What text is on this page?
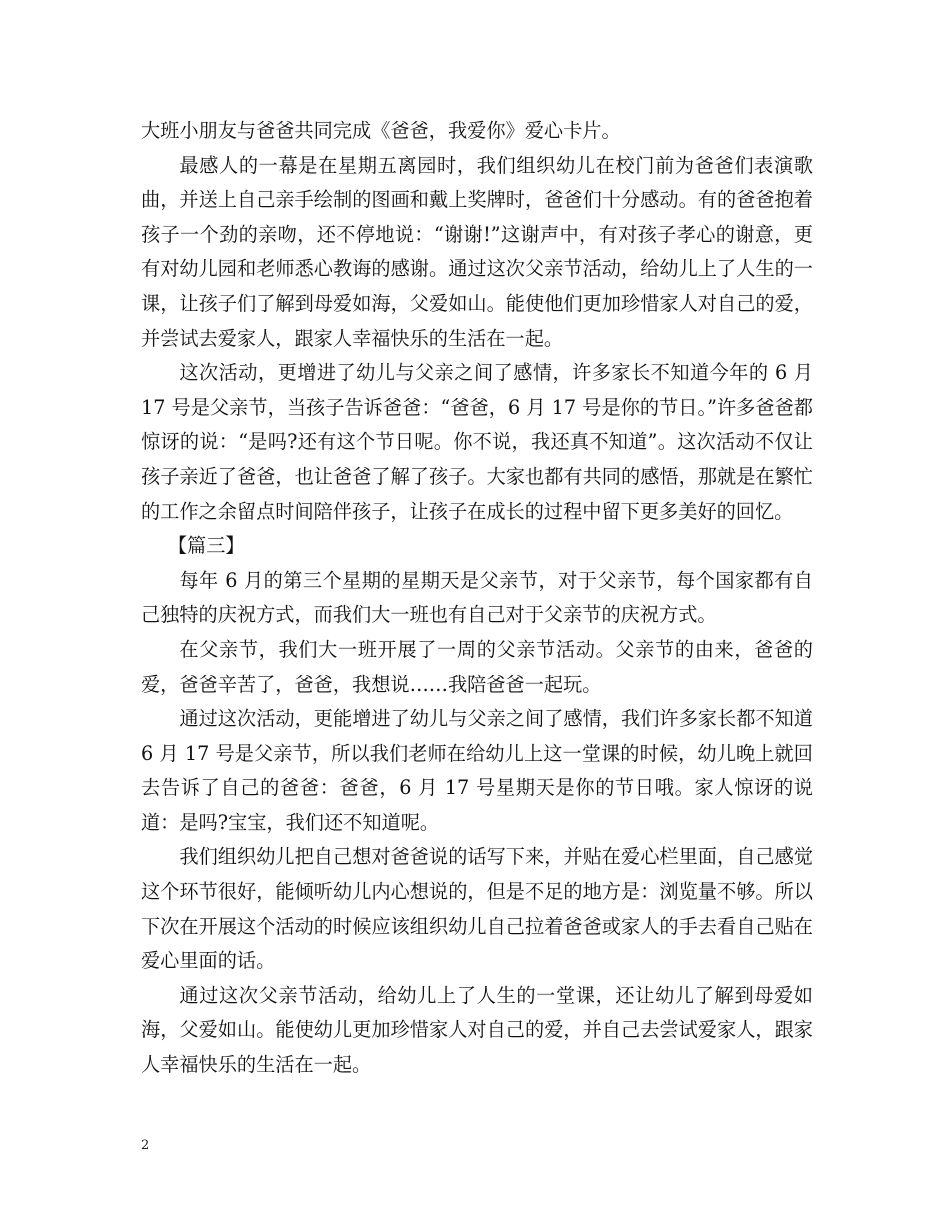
大班小朋友与爸爸共同完成《爸爸，我爱你》爱心卡片。

最感人的一幕是在星期五离园时，我们组织幼儿在校门前为爸爸们表演歌曲，并送上自己亲手绘制的图画和戴上奖牌时，爸爸们十分感动。有的爸爸抱着孩子一个劲的亲吻，还不停地说：“谢谢!”这谢声中，有对孩子孝心的谢意，更有对幼儿园和老师悉心教诲的感谢。通过这次父亲节活动，给幼儿上了人生的一课，让孩子们了解到母爱如海，父爱如山。能使他们更加珍惜家人对自己的爱，并尝试去爱家人，跟家人幸福快乐的生活在一起。

这次活动，更增进了幼儿与父亲之间了感情，许多家长不知道今年的 6 月 17 号是父亲节，当孩子告诉爸爸：“爸爸，6 月 17 号是你的节日。”许多爸爸都惊讶的说：“是吗?还有这个节日呢。你不说，我还真不知道”。这次活动不仅让孩子亲近了爸爸，也让爸爸了解了孩子。大家也都有共同的感悟，那就是在繁忙的工作之余留点时间陪伴孩子，让孩子在成长的过程中留下更多美好的回忆。

【篇三】

每年 6 月的第三个星期的星期天是父亲节，对于父亲节，每个国家都有自己独特的庆祝方式，而我们大一班也有自己对于父亲节的庆祝方式。

在父亲节，我们大一班开展了一周的父亲节活动。父亲节的由来，爸爸的爱，爸爸辛苦了，爸爸，我想说……我陪爸爸一起玩。

通过这次活动，更能增进了幼儿与父亲之间了感情，我们许多家长都不知道 6 月 17 号是父亲节，所以我们老师在给幼儿上这一堂课的时候，幼儿晚上就回去告诉了自己的爸爸：爸爸，6 月 17 号星期天是你的节日哦。家人惊讶的说道：是吗?宝宝，我们还不知道呢。

我们组织幼儿把自己想对爸爸说的话写下来，并贴在爱心栏里面，自己感觉这个环节很好，能倾听幼儿内心想说的，但是不足的地方是：浏览量不够。所以下次在开展这个活动的时候应该组织幼儿自己拉着爸爸或家人的手去看自己贴在爱心里面的话。

通过这次父亲节活动，给幼儿上了人生的一堂课，还让幼儿了解到母爱如海，父爱如山。能使幼儿更加珍惜家人对自己的爱，并自己去尝试爱家人，跟家人幸福快乐的生活在一起。

2
